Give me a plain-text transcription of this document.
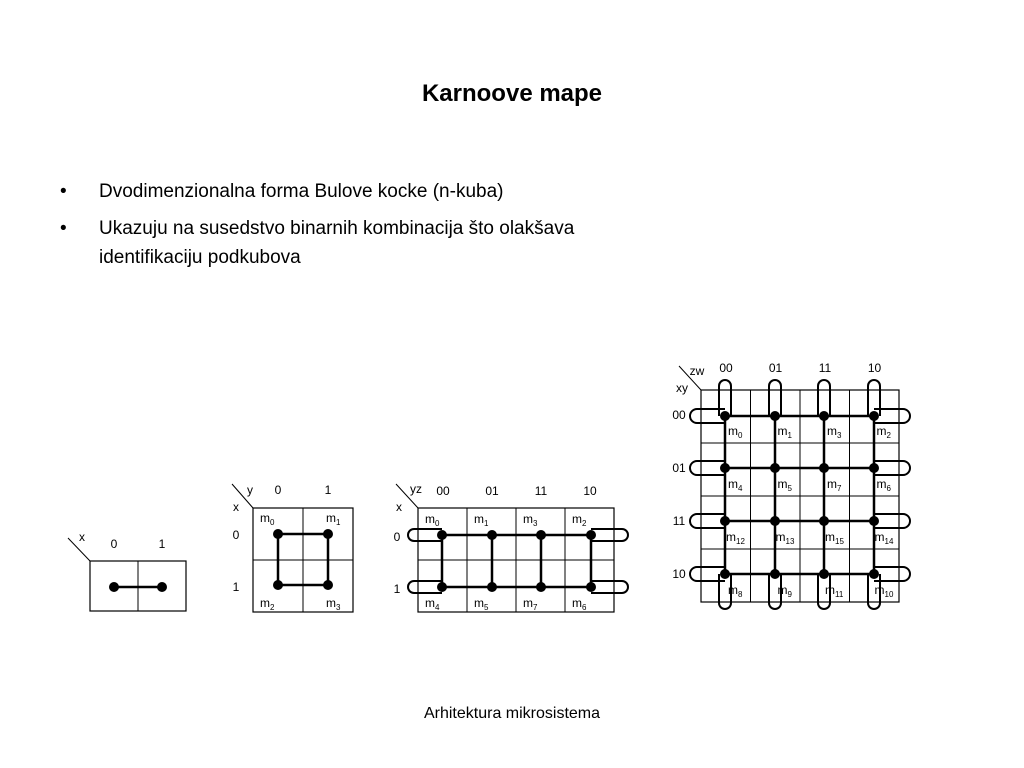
Karnoove mape
• Dvodimenzionalna forma Bulove kocke (n-kuba)
• Ukazuju na susedstvo binarnih kombinacija što olakšava identifikaciju podkubova
x 0	1
y
x
0	1
0
1
$m_0$	$m_1$
$m_2$	$m_3$
yz
x
00	01	11	10
0
1
$m_0$	$m_1$	$m_3$	$m_2$
$m_4$	$m_5$	$m_7$	$m_6$
zw
xy
00	01	11	10
00
01
11
10
$m_0$	$m_1$	$m_3$	$m_2$
$m_4$	$m_5$	$m_7$	$m_6$
$m_{12}$	$m_{13}$	$m_{15}$	$m_{14}$
$m_8$	$m_9$	$m_{11}$	$m_{10}$
Arhitektura mikrosistema
